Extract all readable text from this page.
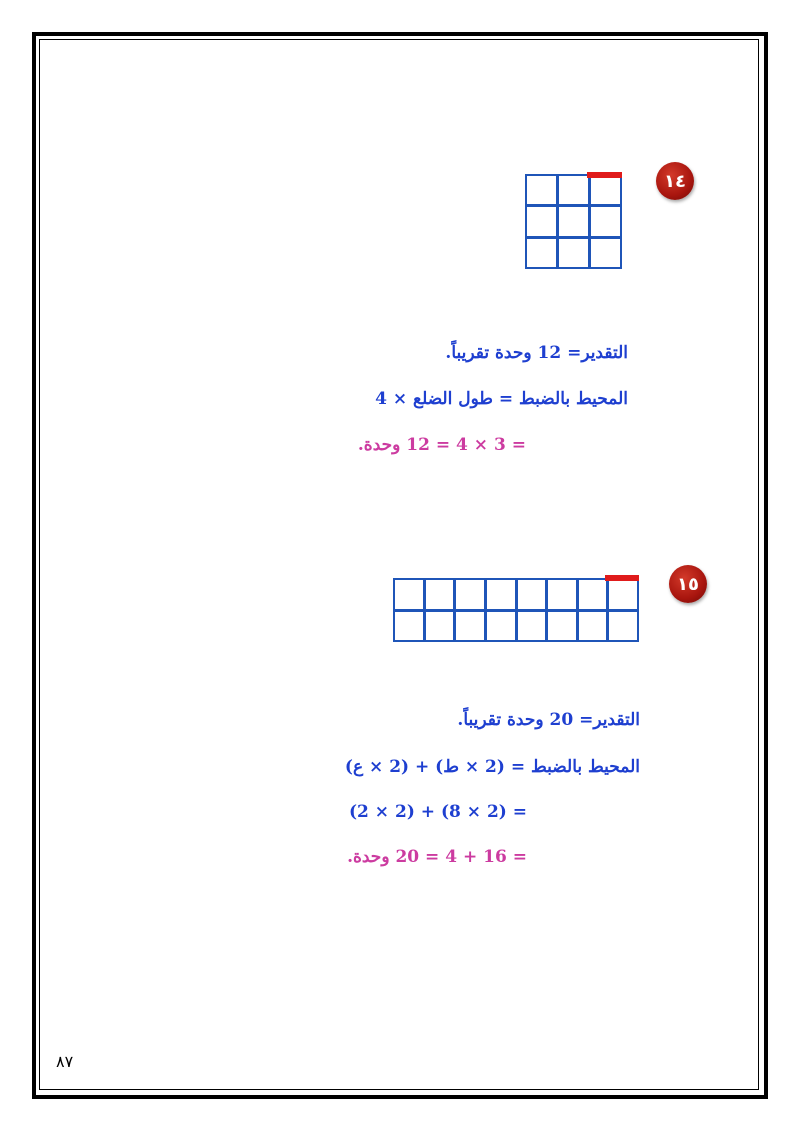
١٤
التقدير= 12 وحدة تقريباً.
المحيط بالضبط = طول الضلع × 4
= 3 × 4 = 12 وحدة.
١٥
التقدير= 20 وحدة تقريباً.
المحيط بالضبط = (2 × ط) + (2 × ع)
= (2 × 8) + (2 × 2)
= 16 + 4 = 20 وحدة.
٨٧
